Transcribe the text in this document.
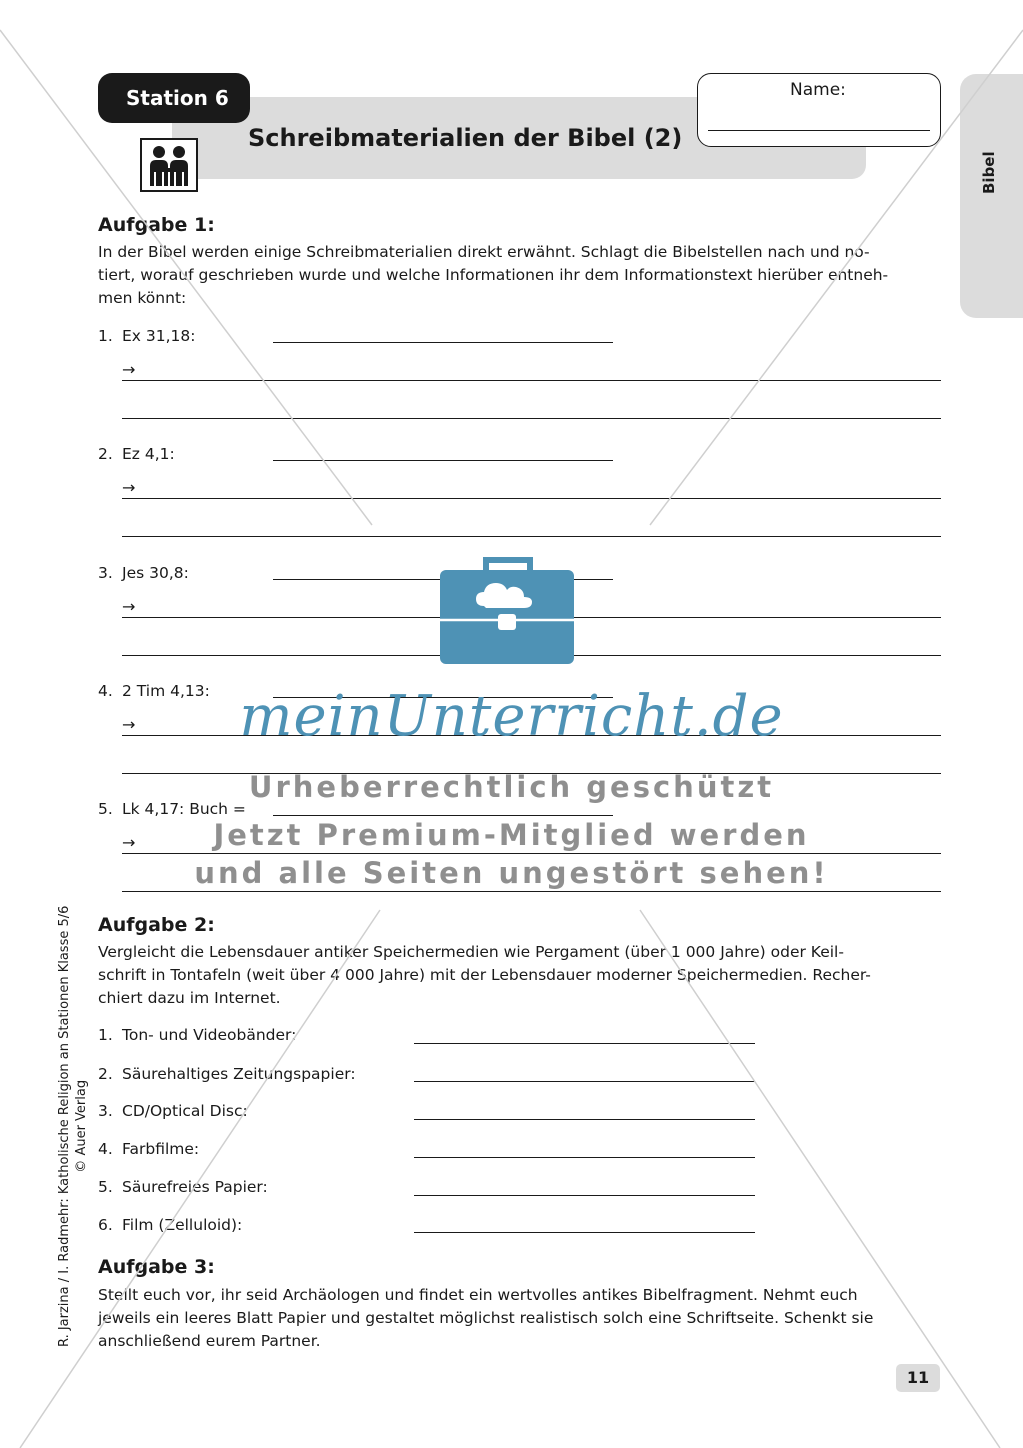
Station 6
Schreibmaterialien der Bibel (2)
Name:
Bibel
Aufgabe 1:
In der Bibel werden einige Schreibmaterialien direkt erwähnt. Schlagt die Bibelstellen nach und no-
tiert, worauf geschrieben wurde und welche Informationen ihr dem Informationstext hierüber entneh-
men könnt:
1. Ex 31,18:
→
2. Ez 4,1:
→
3. Jes 30,8:
→
4. 2 Tim 4,13:
→
5. Lk 4,17: Buch =
→
Aufgabe 2:
Vergleicht die Lebensdauer antiker Speichermedien wie Pergament (über 1 000 Jahre) oder Keil-
schrift in Tontafeln (weit über 4 000 Jahre) mit der Lebensdauer moderner Speichermedien. Recher-
chiert dazu im Internet.
1. Ton- und Videobänder:
2. Säurehaltiges Zeitungspapier:
3. CD/Optical Disc:
4. Farbfilme:
5. Säurefreies Papier:
6. Film (Zelluloid):
Aufgabe 3:
Stellt euch vor, ihr seid Archäologen und findet ein wertvolles antikes Bibelfragment. Nehmt euch
jeweils ein leeres Blatt Papier und gestaltet möglichst realistisch solch eine Schriftseite. Schenkt sie
anschließend eurem Partner.
R. Jarzina / I. Radmehr: Katholische Religion an Stationen Klasse 5/6 © Auer Verlag
11
meinUnterricht.de
Urheberrechtlich geschützt
Jetzt Premium-Mitglied werden
und alle Seiten ungestört sehen!
